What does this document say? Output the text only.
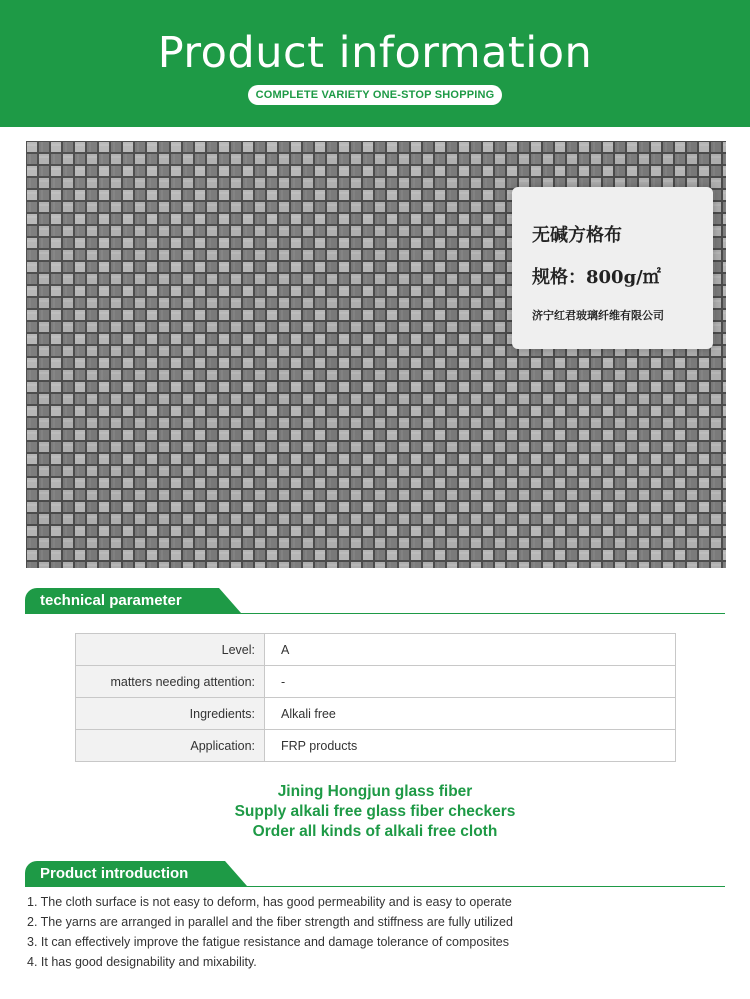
Product information
COMPLETE VARIETY ONE-STOP SHOPPING
无碱方格布
规格：800g/㎡
济宁红君玻璃纤维有限公司
technical parameter
Level:	A
matters needing attention:	-
Ingredients:	Alkali free
Application:	FRP products
Jining Hongjun glass fiber
Supply alkali free glass fiber checkers
Order all kinds of alkali free cloth
Product introduction
1. The cloth surface is not easy to deform, has good permeability and is easy to operate
2. The yarns are arranged in parallel and the fiber strength and stiffness are fully utilized
3. It can effectively improve the fatigue resistance and damage tolerance of composites
4. It has good designability and mixability.
